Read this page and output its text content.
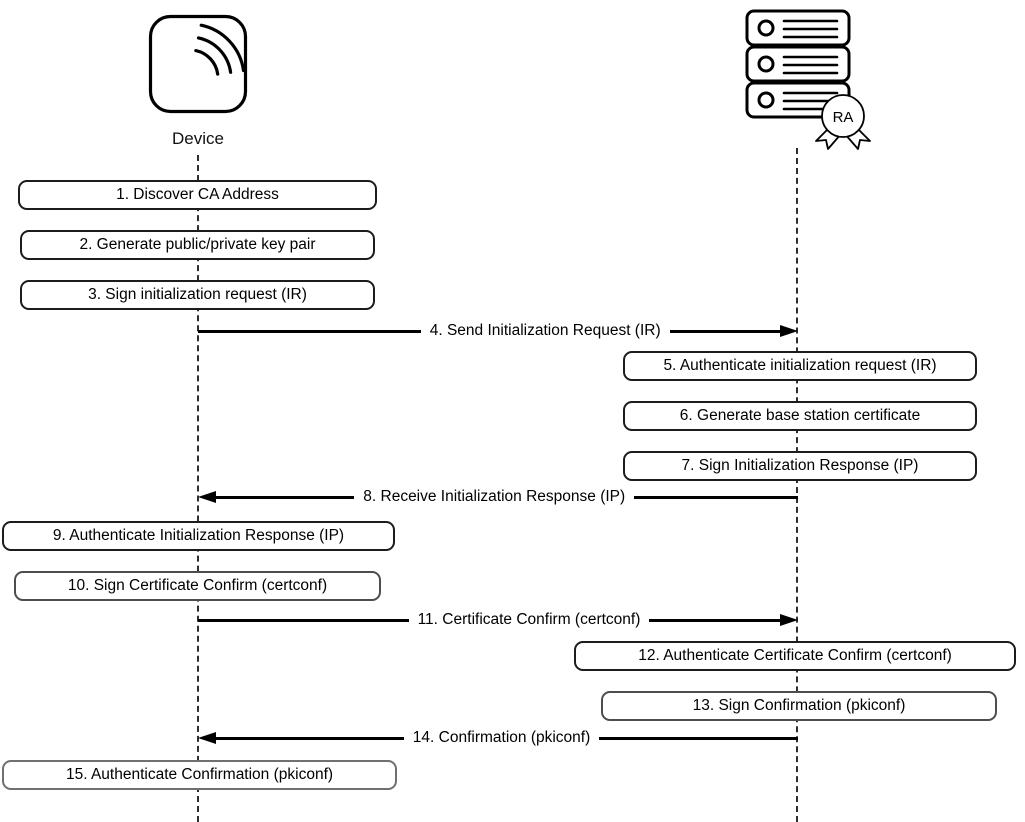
Device
RA
1. Discover CA Address
2. Generate public/private key pair
3. Sign initialization request (IR)
4. Send Initialization Request (IR)
5. Authenticate initialization request (IR)
6. Generate base station certificate
7. Sign Initialization Response (IP)
8. Receive Initialization Response (IP)
9. Authenticate Initialization Response (IP)
10. Sign Certificate Confirm (certconf)
11. Certificate Confirm (certconf)
12. Authenticate Certificate Confirm (certconf)
13. Sign Confirmation (pkiconf)
14. Confirmation (pkiconf)
15. Authenticate Confirmation (pkiconf)
